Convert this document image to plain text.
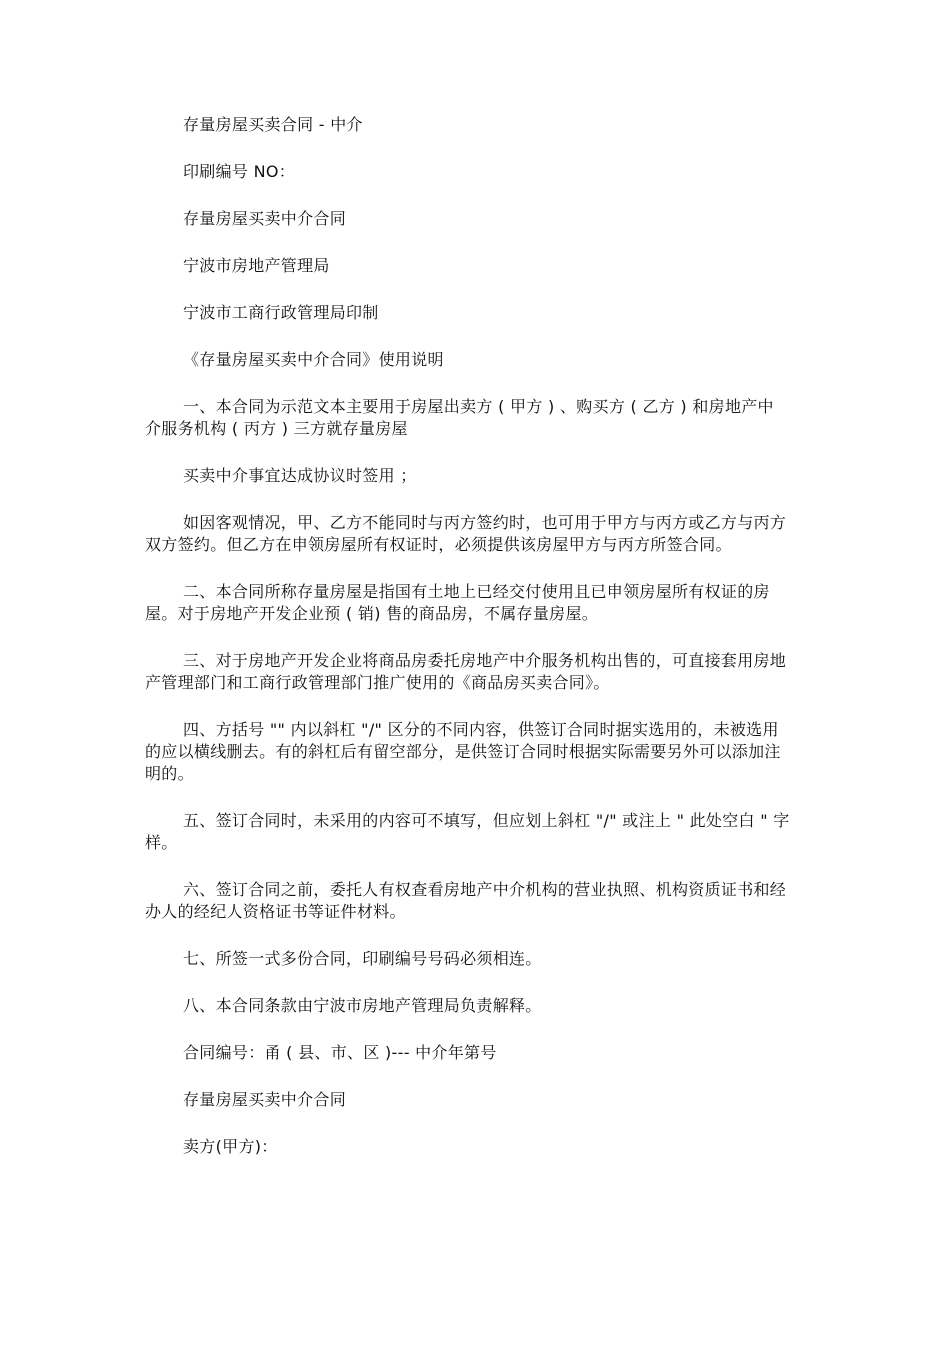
存量房屋买卖合同 - 中介

印刷编号 NO：

存量房屋买卖中介合同

宁波市房地产管理局

宁波市工商行政管理局印制

《存量房屋买卖中介合同》使用说明

一、本合同为示范文本主要用于房屋出卖方 ( 甲方 ) 、购买方 ( 乙方 ) 和房地产中介服务机构 ( 丙方 ) 三方就存量房屋

买卖中介事宜达成协议时签用 ；

如因客观情况，甲、乙方不能同时与丙方签约时，也可用于甲方与丙方或乙方与丙方双方签约。但乙方在申领房屋所有权证时，必须提供该房屋甲方与丙方所签合同。

二、本合同所称存量房屋是指国有土地上已经交付使用且已申领房屋所有权证的房屋。对于房地产开发企业预 ( 销) 售的商品房，不属存量房屋。

三、对于房地产开发企业将商品房委托房地产中介服务机构出售的，可直接套用房地产管理部门和工商行政管理部门推广使用的《商品房买卖合同》。

四、方括号 "" 内以斜杠 "/" 区分的不同内容，供签订合同时据实选用的，未被选用的应以横线删去。有的斜杠后有留空部分，是供签订合同时根据实际需要另外可以添加注明的。

五、签订合同时，未采用的内容可不填写，但应划上斜杠 "/" 或注上 " 此处空白 " 字样。

六、签订合同之前，委托人有权查看房地产中介机构的营业执照、机构资质证书和经办人的经纪人资格证书等证件材料。

七、所签一式多份合同，印刷编号号码必须相连。

八、本合同条款由宁波市房地产管理局负责解释。

合同编号：甬 ( 县、市、区 )--- 中介年第号

存量房屋买卖中介合同

卖方(甲方)：
